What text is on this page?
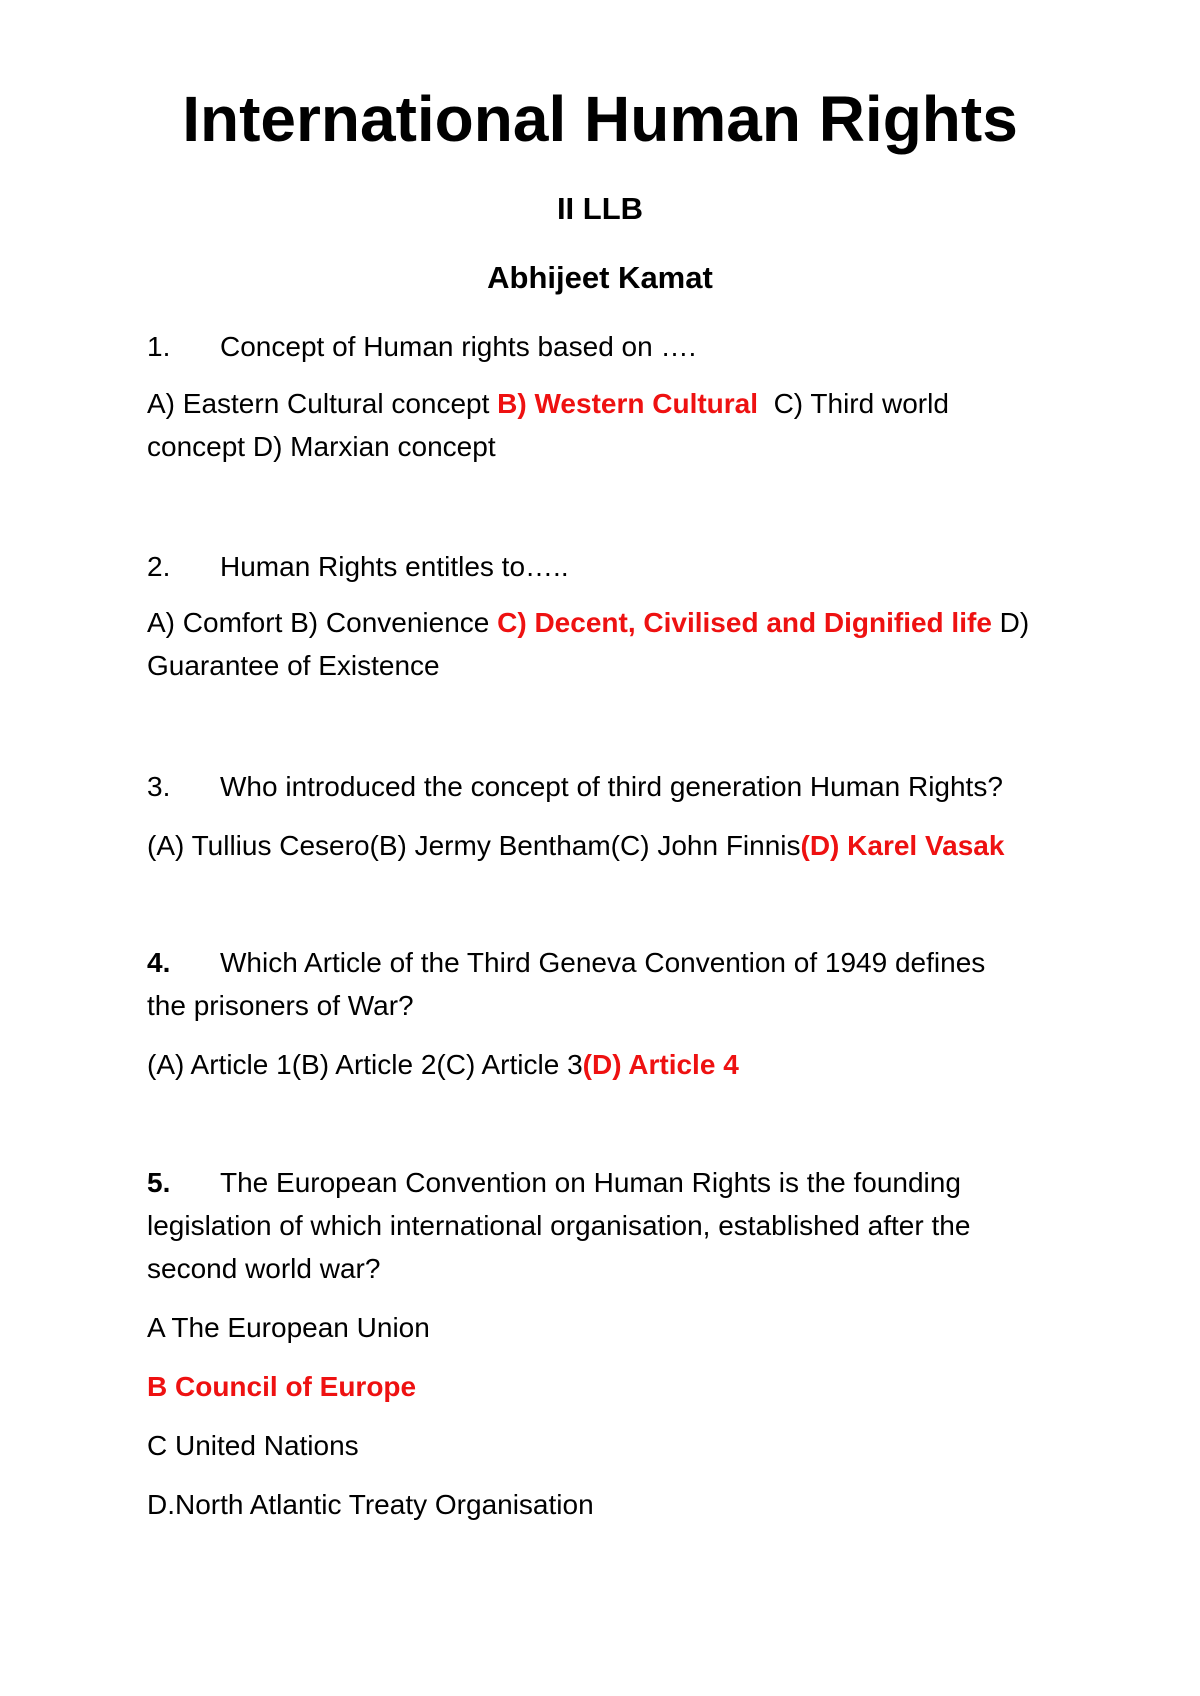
International Human Rights
II LLB
Abhijeet Kamat
1. Concept of Human rights based on ….
A) Eastern Cultural concept B) Western Cultural  C) Third world
concept D) Marxian concept
2. Human Rights entitles to…..
A) Comfort B) Convenience C) Decent, Civilised and Dignified life D)
Guarantee of Existence
3. Who introduced the concept of third generation Human Rights?
(A) Tullius Cesero(B) Jermy Bentham(C) John Finnis(D) Karel Vasak
4. Which Article of the Third Geneva Convention of 1949 defines
the prisoners of War?
(A) Article 1(B) Article 2(C) Article 3(D) Article 4
5. The European Convention on Human Rights is the founding
legislation of which international organisation, established after the
second world war?
A The European Union
B Council of Europe
C United Nations
D.North Atlantic Treaty Organisation
